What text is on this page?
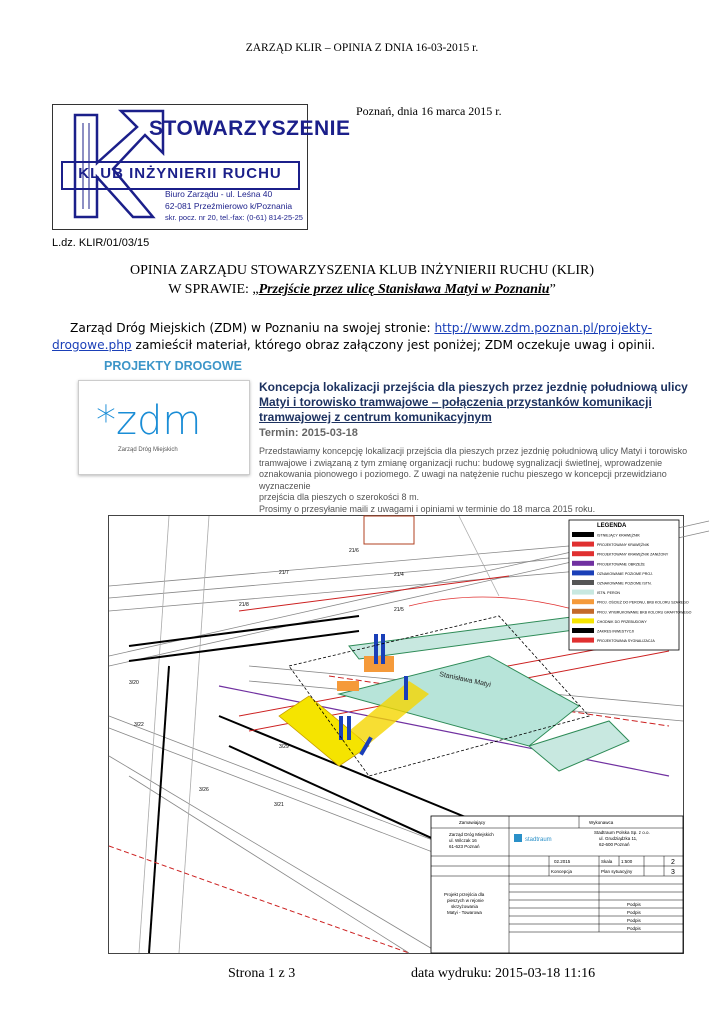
ZARZĄD KLIR – OPINIA Z DNIA 16-03-2015 r.
STOWARZYSZENIE
KLUB INŻYNIERII RUCHU
Biuro Zarządu - ul. Leśna 40
62-081 Przeźmierowo k/Poznania
skr. pocz. nr 20, tel.-fax: (0-61) 814-25-25
Poznań, dnia 16 marca 2015 r.
L.dz. KLIR/01/03/15
OPINIA ZARZĄDU STOWARZYSZENIA KLUB INŻYNIERII RUCHU (KLIR)
W SPRAWIE: „Przejście przez ulicę Stanisława Matyi w Poznaniu”
Zarząd Dróg Miejskich (ZDM) w Poznaniu na swojej stronie: http://www.zdm.poznan.pl/projekty-
drogowe.php zamieścił materiał, którego obraz załączony jest poniżej; ZDM oczekuje uwag i opinii.
PROJEKTY DROGOWE
*zdm
Zarząd Dróg Miejskich
Koncepcja lokalizacji przejścia dla pieszych przez jezdnię południową ulicy
Matyi i torowisko tramwajowe – połączenia przystanków komunikacji
tramwajowej z centrum komunikacyjnym
Termin: 2015-03-18
Przedstawiamy koncepcję lokalizacji przejścia dla pieszych przez jezdnię południową ulicy Matyi i torowisko
tramwajowe i związaną z tym zmianę organizacji ruchu: budowę sygnalizacji świetlnej, wprowadzenie
oznakowania pionowego i poziomego. Z uwagi na natężenie ruchu pieszego w koncepcji przewidziano wyznaczenie
przejścia dla pieszych o szerokości 8 m.
Prosimy o przesyłanie maili z uwagami i opiniami w terminie do 18 marca 2015 roku.
Stanisława Matyi
21/6
21/7	21/4
21/5
21/8
3/20
3/22
3/29
3/21
3/26
LEGENDA
ISTNIEJĄCY KRAWĘŻNIK
PROJEKTOWANY KRAWĘŻNIK
PROJEKTOWANY KRAWĘŻNIK ZANIŻONY
PROJEKTOWANE OBRZEŻE
OZNAKOWANIE POZIOME PROJ.
OZNAKOWANIE POZIOME ISTN.
ISTN. PERON
PROJ. OŚCIEŻ DO PERONU, BKB KOLORU SZAREGO
PROJ. WYBRUKOWANIE BKB KOLORU GRAFITOWEGO
CHODNIK DO PRZEBUDOWY
ZAKRES INWESTYCJI
PROJEKTOWANA SYGNALIZACJA
Zamawiający	Wykonawca
Zarząd Dróg Miejskich
ul. Wilczak 16
61-623 Poznań
stadtraum
Stadtraum Polska Sp. z o.o.
ul. Grudziądzka 11,
62-600 Poznań
02.2015	Skala 1:500	2
3
Koncepcja	Plan sytuacyjny
Projekt przejścia dla
pieszych w rejonie
skrzyżowania
Matyi - Towarowa
Podpis
Podpis
Podpis
Podpis
Strona 1 z 3	data wydruku: 2015-03-18 11:16
